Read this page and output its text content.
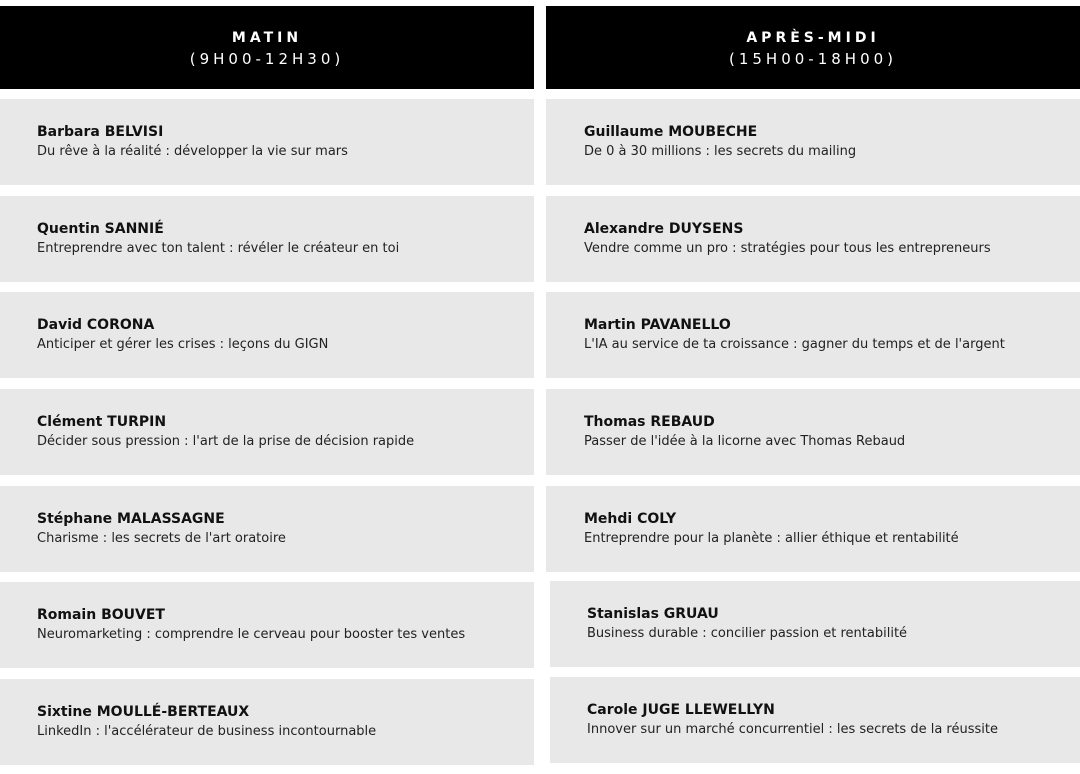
MATIN
(9H00-12H30)
Barbara BELVISI
Du rêve à la réalité : développer la vie sur mars
Quentin SANNIÉ
Entreprendre avec ton talent : révéler le créateur en toi
David CORONA
Anticiper et gérer les crises : leçons du GIGN
Clément TURPIN
Décider sous pression : l'art de la prise de décision rapide
Stéphane MALASSAGNE
Charisme : les secrets de l'art oratoire
Romain BOUVET
Neuromarketing : comprendre le cerveau pour booster tes ventes
Sixtine MOULLÉ-BERTEAUX
LinkedIn : l'accélérateur de business incontournable
APRÈS-MIDI
(15H00-18H00)
Guillaume MOUBECHE
De 0 à 30 millions : les secrets du mailing
Alexandre DUYSENS
Vendre comme un pro : stratégies pour tous les entrepreneurs
Martin PAVANELLO
L'IA au service de ta croissance : gagner du temps et de l'argent
Thomas REBAUD
Passer de l'idée à la licorne avec Thomas Rebaud
Mehdi COLY
Entreprendre pour la planète : allier éthique et rentabilité
Stanislas GRUAU
Business durable : concilier passion et rentabilité
Carole JUGE LLEWELLYN
Innover sur un marché concurrentiel : les secrets de la réussite
